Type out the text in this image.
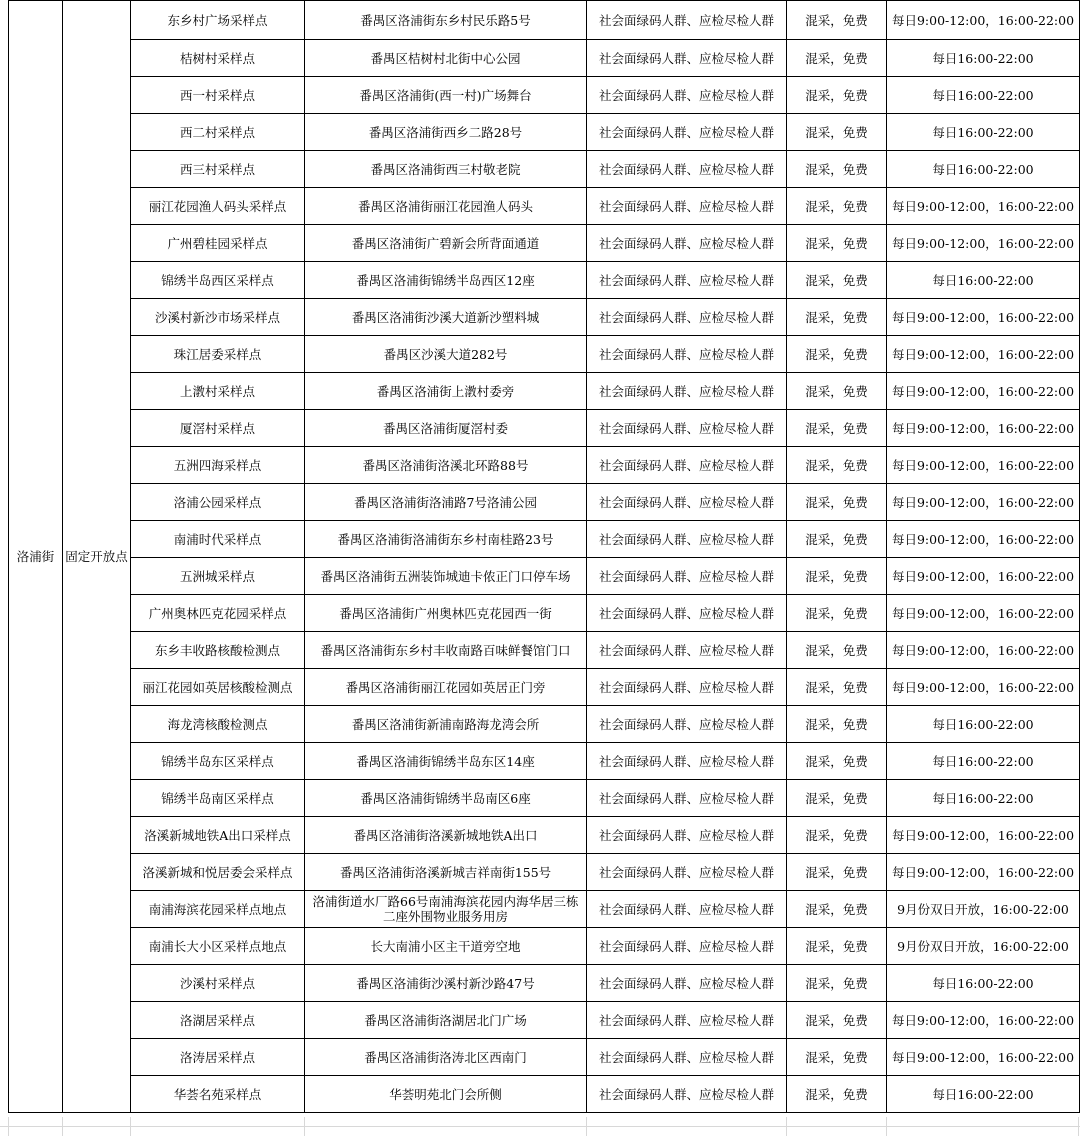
洛浦街	固定开放点	东乡村广场采样点	番禺区洛浦街东乡村民乐路5号	社会面绿码人群、应检尽检人群	混采，免费	每日9:00-12:00，16:00-22:00
		桔树村采样点	番禺区桔树村北街中心公园	社会面绿码人群、应检尽检人群	混采，免费	每日16:00-22:00
		西一村采样点	番禺区洛浦街(西一村)广场舞台	社会面绿码人群、应检尽检人群	混采，免费	每日16:00-22:00
		西二村采样点	番禺区洛浦街西乡二路28号	社会面绿码人群、应检尽检人群	混采，免费	每日16:00-22:00
		西三村采样点	番禺区洛浦街西三村敬老院	社会面绿码人群、应检尽检人群	混采，免费	每日16:00-22:00
		丽江花园渔人码头采样点	番禺区洛浦街丽江花园渔人码头	社会面绿码人群、应检尽检人群	混采，免费	每日9:00-12:00，16:00-22:00
		广州碧桂园采样点	番禺区洛浦街广碧新会所背面通道	社会面绿码人群、应检尽检人群	混采，免费	每日9:00-12:00，16:00-22:00
		锦绣半岛西区采样点	番禺区洛浦街锦绣半岛西区12座	社会面绿码人群、应检尽检人群	混采，免费	每日16:00-22:00
		沙溪村新沙市场采样点	番禺区洛浦街沙溪大道新沙塑料城	社会面绿码人群、应检尽检人群	混采，免费	每日9:00-12:00，16:00-22:00
		珠江居委采样点	番禺区沙溪大道282号	社会面绿码人群、应检尽检人群	混采，免费	每日9:00-12:00，16:00-22:00
		上漖村采样点	番禺区洛浦街上漖村委旁	社会面绿码人群、应检尽检人群	混采，免费	每日9:00-12:00，16:00-22:00
		厦滘村采样点	番禺区洛浦街厦滘村委	社会面绿码人群、应检尽检人群	混采，免费	每日9:00-12:00，16:00-22:00
		五洲四海采样点	番禺区洛浦街洛溪北环路88号	社会面绿码人群、应检尽检人群	混采，免费	每日9:00-12:00，16:00-22:00
		洛浦公园采样点	番禺区洛浦街洛浦路7号洛浦公园	社会面绿码人群、应检尽检人群	混采，免费	每日9:00-12:00，16:00-22:00
		南浦时代采样点	番禺区洛浦街洛浦街东乡村南桂路23号	社会面绿码人群、应检尽检人群	混采，免费	每日9:00-12:00，16:00-22:00
		五洲城采样点	番禺区洛浦街五洲装饰城迪卡侬正门口停车场	社会面绿码人群、应检尽检人群	混采，免费	每日9:00-12:00，16:00-22:00
		广州奥林匹克花园采样点	番禺区洛浦街广州奥林匹克花园西一街	社会面绿码人群、应检尽检人群	混采，免费	每日9:00-12:00，16:00-22:00
		东乡丰收路核酸检测点	番禺区洛浦街东乡村丰收南路百味鲜餐馆门口	社会面绿码人群、应检尽检人群	混采，免费	每日9:00-12:00，16:00-22:00
		丽江花园如英居核酸检测点	番禺区洛浦街丽江花园如英居正门旁	社会面绿码人群、应检尽检人群	混采，免费	每日9:00-12:00，16:00-22:00
		海龙湾核酸检测点	番禺区洛浦街新浦南路海龙湾会所	社会面绿码人群、应检尽检人群	混采，免费	每日16:00-22:00
		锦绣半岛东区采样点	番禺区洛浦街锦绣半岛东区14座	社会面绿码人群、应检尽检人群	混采，免费	每日16:00-22:00
		锦绣半岛南区采样点	番禺区洛浦街锦绣半岛南区6座	社会面绿码人群、应检尽检人群	混采，免费	每日16:00-22:00
		洛溪新城地铁A出口采样点	番禺区洛浦街洛溪新城地铁A出口	社会面绿码人群、应检尽检人群	混采，免费	每日9:00-12:00，16:00-22:00
		洛溪新城和悦居委会采样点	番禺区洛浦街洛溪新城吉祥南街155号	社会面绿码人群、应检尽检人群	混采，免费	每日9:00-12:00，16:00-22:00
		南浦海滨花园采样点地点	洛浦街道水厂路66号南浦海滨花园内海华居三栋二座外围物业服务用房	社会面绿码人群、应检尽检人群	混采，免费	9月份双日开放，16:00-22:00
		南浦长大小区采样点地点	长大南浦小区主干道旁空地	社会面绿码人群、应检尽检人群	混采，免费	9月份双日开放，16:00-22:00
		沙溪村采样点	番禺区洛浦街沙溪村新沙路47号	社会面绿码人群、应检尽检人群	混采，免费	每日16:00-22:00
		洛湖居采样点	番禺区洛浦街洛湖居北门广场	社会面绿码人群、应检尽检人群	混采，免费	每日9:00-12:00，16:00-22:00
		洛涛居采样点	番禺区洛浦街洛涛北区西南门	社会面绿码人群、应检尽检人群	混采，免费	每日9:00-12:00，16:00-22:00
		华荟名苑采样点	华荟明苑北门会所侧	社会面绿码人群、应检尽检人群	混采，免费	每日16:00-22:00
